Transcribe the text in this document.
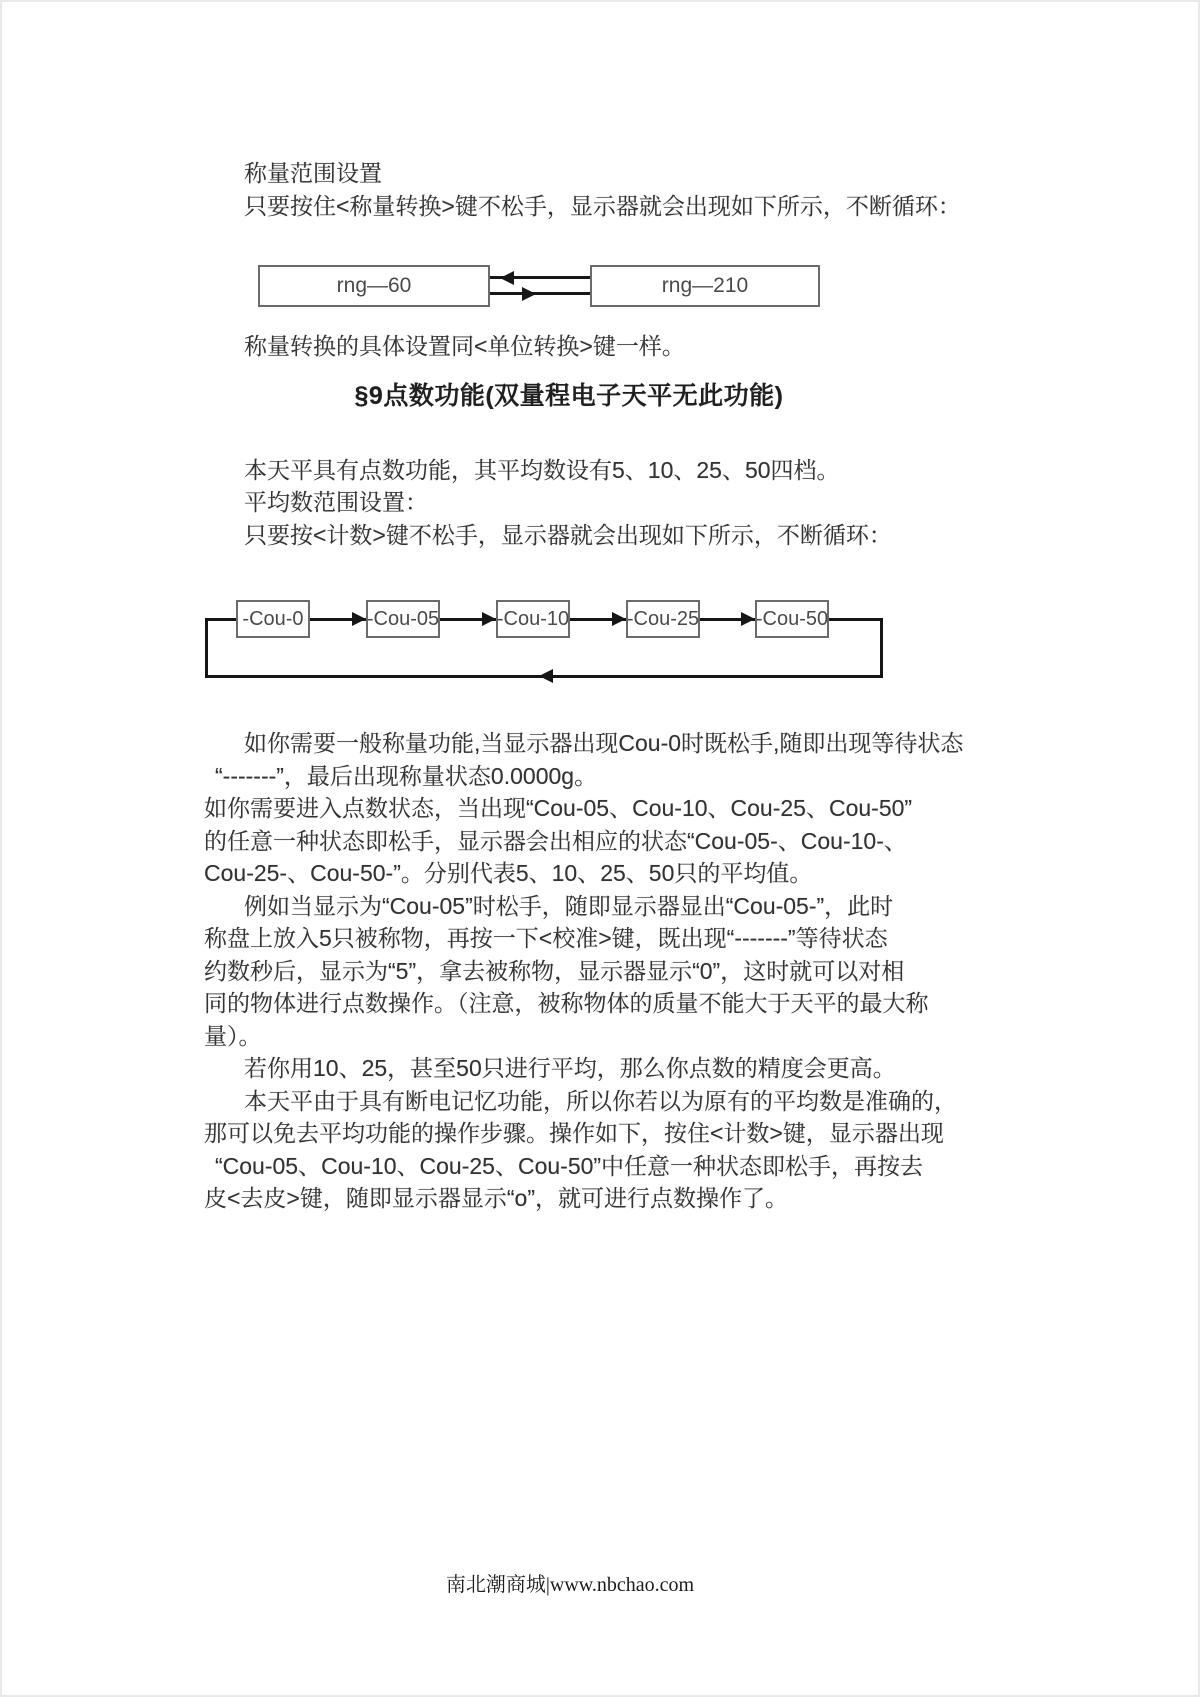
称量范围设置
只要按住<称量转换>键不松手，显示器就会出现如下所示，不断循环：
rng—60	rng—210
称量转换的具体设置同<单位转换>键一样。
§9点数功能(双量程电子天平无此功能)
本天平具有点数功能，其平均数设有5、10、25、50四档。
平均数范围设置：
只要按<计数>键不松手，显示器就会出现如下所示，不断循环：
-Cou-0	-Cou-05	-Cou-10	-Cou-25	-Cou-50
如你需要一般称量功能,当显示器出现Cou-0时既松手,随即出现等待状态
“-------”，最后出现称量状态0.0000g。
如你需要进入点数状态，当出现“Cou-05、Cou-10、Cou-25、Cou-50”
的任意一种状态即松手，显示器会出相应的状态“Cou-05-、Cou-10-、
Cou-25-、Cou-50-”。分别代表5、10、25、50只的平均值。
例如当显示为“Cou-05”时松手，随即显示器显出“Cou-05-”，此时
称盘上放入5只被称物，再按一下<校准>键，既出现“-------”等待状态
约数秒后，显示为“5”，拿去被称物，显示器显示“0”，这时就可以对相
同的物体进行点数操作。（注意，被称物体的质量不能大于天平的最大称
量）。
若你用10、25，甚至50只进行平均，那么你点数的精度会更高。
本天平由于具有断电记忆功能，所以你若以为原有的平均数是准确的，
那可以免去平均功能的操作步骤。操作如下，按住<计数>键，显示器出现
“Cou-05、Cou-10、Cou-25、Cou-50”中任意一种状态即松手，再按去
皮<去皮>键，随即显示器显示“o”，就可进行点数操作了。
南北潮商城|www.nbchao.com
